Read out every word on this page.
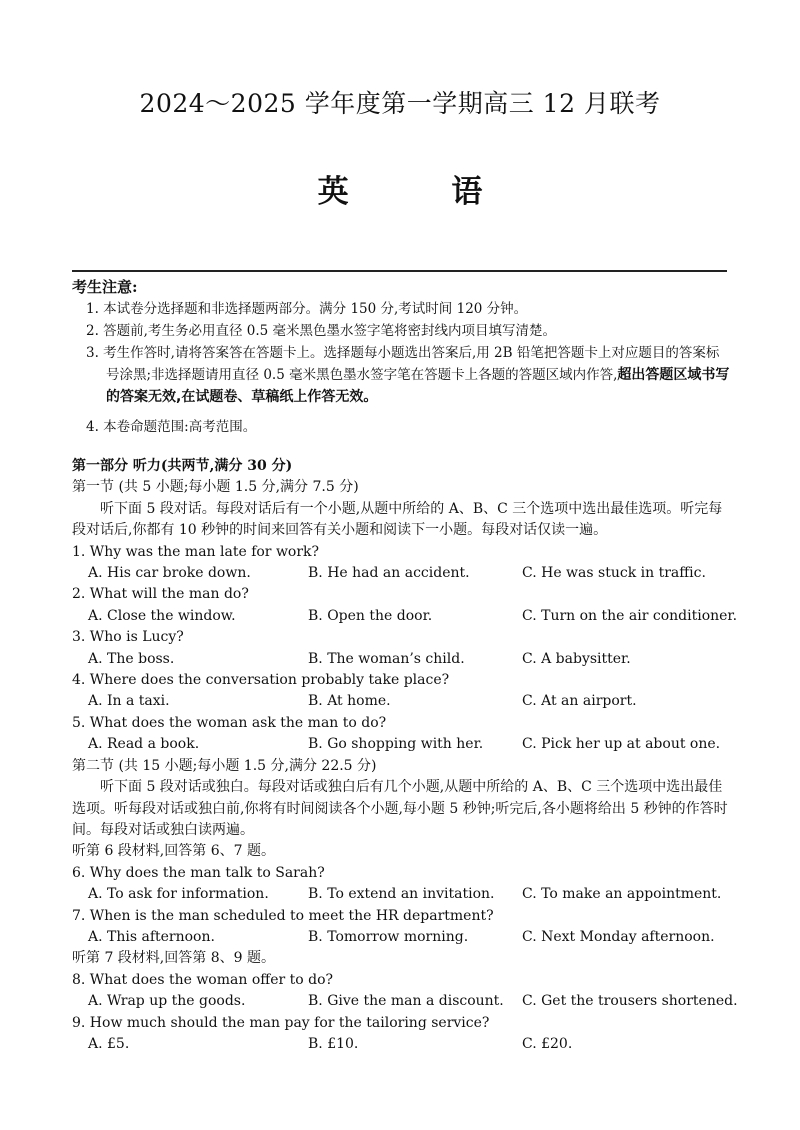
2024～2025 学年度第一学期高三 12 月联考
英 语
考生注意:
1. 本试卷分选择题和非选择题两部分。满分 150 分,考试时间 120 分钟。
2. 答题前,考生务必用直径 0.5 毫米黑色墨水签字笔将密封线内项目填写清楚。
3. 考生作答时,请将答案答在答题卡上。选择题每小题选出答案后,用 2B 铅笔把答题卡上对应题目的答案标号涂黑;非选择题请用直径 0.5 毫米黑色墨水签字笔在答题卡上各题的答题区域内作答,超出答题区域书写的答案无效,在试题卷、草稿纸上作答无效。
4. 本卷命题范围:高考范围。

第一部分 听力(共两节,满分 30 分)

第一节 (共 5 小题;每小题 1.5 分,满分 7.5 分)

听下面 5 段对话。每段对话后有一个小题,从题中所给的 A、B、C 三个选项中选出最佳选项。听完每段对话后,你都有 10 秒钟的时间来回答有关小题和阅读下一小题。每段对话仅读一遍。

1. Why was the man late for work?

A. His car broke down.	B. He had an accident.	C. He was stuck in traffic.

2. What will the man do?

A. Close the window.	B. Open the door.	C. Turn on the air conditioner.

3. Who is Lucy?

A. The boss.	B. The woman’s child.	C. A babysitter.

4. Where does the conversation probably take place?

A. In a taxi.	B. At home.	C. At an airport.

5. What does the woman ask the man to do?

A. Read a book.	B. Go shopping with her.	C. Pick her up at about one.

第二节 (共 15 小题;每小题 1.5 分,满分 22.5 分)

听下面 5 段对话或独白。每段对话或独白后有几个小题,从题中所给的 A、B、C 三个选项中选出最佳选项。听每段对话或独白前,你将有时间阅读各个小题,每小题 5 秒钟;听完后,各小题将给出 5 秒钟的作答时间。每段对话或独白读两遍。

听第 6 段材料,回答第 6、7 题。

6. Why does the man talk to Sarah?

A. To ask for information.	B. To extend an invitation.	C. To make an appointment.

7. When is the man scheduled to meet the HR department?

A. This afternoon.	B. Tomorrow morning.	C. Next Monday afternoon.

听第 7 段材料,回答第 8、9 题。

8. What does the woman offer to do?

A. Wrap up the goods.	B. Give the man a discount.	C. Get the trousers shortened.

9. How much should the man pay for the tailoring service?

A. £5.	B. £10.	C. £20.
